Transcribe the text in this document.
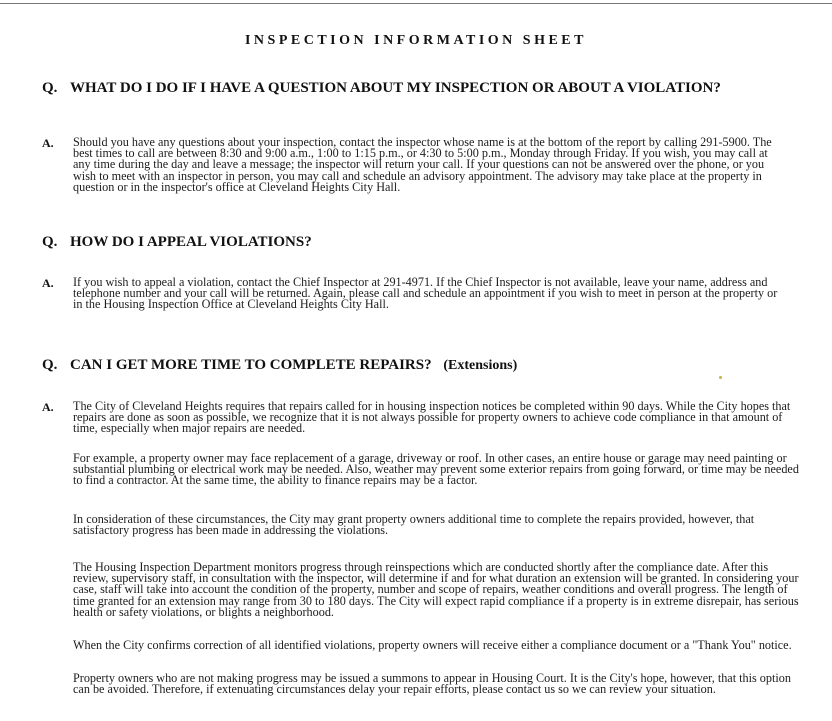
INSPECTION INFORMATION SHEET
Q. WHAT DO I DO IF I HAVE A QUESTION ABOUT MY INSPECTION OR ABOUT A VIOLATION?
A. Should you have any questions about your inspection, contact the inspector whose name is at the bottom of the report by calling 291-5900. The best times to call are between 8:30 and 9:00 a.m., 1:00 to 1:15 p.m., or 4:30 to 5:00 p.m., Monday through Friday. If you wish, you may call at any time during the day and leave a message; the inspector will return your call. If your questions can not be answered over the phone, or you wish to meet with an inspector in person, you may call and schedule an advisory appointment. The advisory may take place at the property in question or in the inspector's office at Cleveland Heights City Hall.

Q. HOW DO I APPEAL VIOLATIONS?
A. If you wish to appeal a violation, contact the Chief Inspector at 291-4971. If the Chief Inspector is not available, leave your name, address and telephone number and your call will be returned. Again, please call and schedule an appointment if you wish to meet in person at the property or in the Housing Inspection Office at Cleveland Heights City Hall.

Q. CAN I GET MORE TIME TO COMPLETE REPAIRS? (Extensions)
A. The City of Cleveland Heights requires that repairs called for in housing inspection notices be completed within 90 days. While the City hopes that repairs are done as soon as possible, we recognize that it is not always possible for property owners to achieve code compliance in that amount of time, especially when major repairs are needed.

For example, a property owner may face replacement of a garage, driveway or roof. In other cases, an entire house or garage may need painting or substantial plumbing or electrical work may be needed. Also, weather may prevent some exterior repairs from going forward, or time may be needed to find a contractor. At the same time, the ability to finance repairs may be a factor.

In consideration of these circumstances, the City may grant property owners additional time to complete the repairs provided, however, that satisfactory progress has been made in addressing the violations.

The Housing Inspection Department monitors progress through reinspections which are conducted shortly after the compliance date. After this review, supervisory staff, in consultation with the inspector, will determine if and for what duration an extension will be granted. In considering your case, staff will take into account the condition of the property, number and scope of repairs, weather conditions and overall progress. The length of time granted for an extension may range from 30 to 180 days. The City will expect rapid compliance if a property is in extreme disrepair, has serious health or safety violations, or blights a neighborhood.

When the City confirms correction of all identified violations, property owners will receive either a compliance document or a "Thank You" notice.

Property owners who are not making progress may be issued a summons to appear in Housing Court. It is the City's hope, however, that this option can be avoided. Therefore, if extenuating circumstances delay your repair efforts, please contact us so we can review your situation.
